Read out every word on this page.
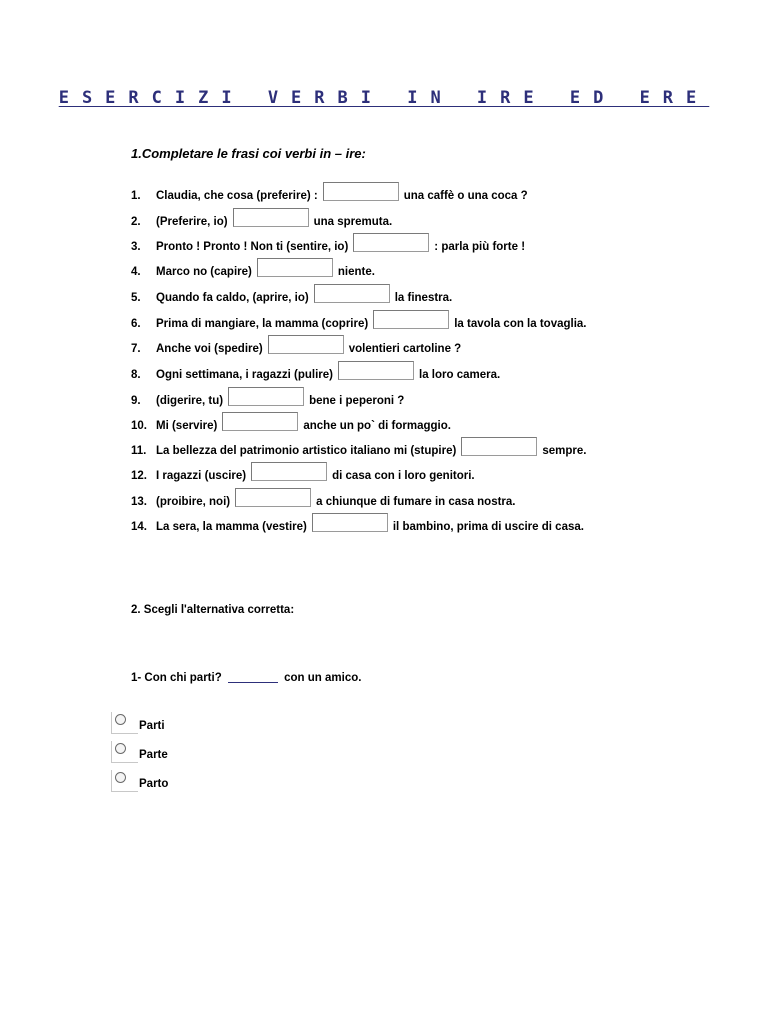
ESERCIZI VERBI IN IRE ED ERE
1.Completare le frasi coi verbi in – ire:
1.	Claudia, che cosa (preferire) :	una caffè o una coca ?
2.	(Preferire, io)	una spremuta.
3.	Pronto ! Pronto ! Non ti (sentire, io)	: parla più forte !
4.	Marco no (capire)	niente.
5.	Quando fa caldo, (aprire, io)	la finestra.
6.	Prima di mangiare, la mamma (coprire)	la tavola con la tovaglia.
7.	Anche voi (spedire)	volentieri cartoline ?
8.	Ogni settimana, i ragazzi (pulire)	la loro camera.
9.	(digerire, tu)	bene i peperoni ?
10. Mi (servire)	anche un po` di formaggio.
11. La bellezza del patrimonio artistico italiano mi (stupire)	sempre.
12. I ragazzi (uscire)	di casa con i loro genitori.
13. (proibire, noi)	a chiunque di fumare in casa nostra.
14. La sera, la mamma (vestire)	il bambino, prima di uscire di casa.
2. Scegli l'alternativa corretta:
1- Con chi parti?	con un amico.
Parti
Parte
Parto
